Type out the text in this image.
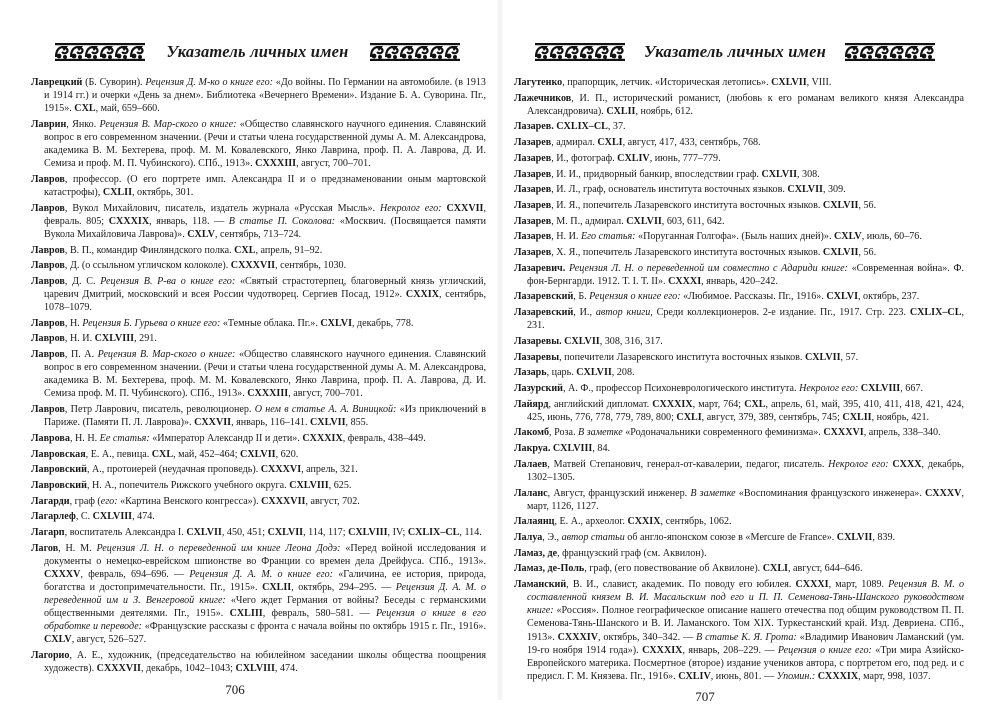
Указатель личных имен
Лаврецкий (Б. Суворин). Рецензия Д. М-ко о книге его: «До войны. По Германии на автомобиле. (в 1913 и 1914 гг.) и очерки «День за днем». Библиотека «Вечернего Времени». Издание Б. А. Суворина. Пг., 1915». CXL, май, 659–660.
Лаврин, Янко. Рецензия В. Мар-ского о книге: «Общество славянского научного единения. Славянский вопрос в его современном значении. (Речи и статьи члена государственной думы А. М. Александрова, академика В. М. Бехтерева, проф. М. М. Ковалевского, Янко Лаврина, проф. П. А. Лаврова, Д. И. Семиза и проф. М. П. Чубинского). СПб., 1913». CXXXIII, август, 700–701.
Лавров, профессор. (О его портрете имп. Александра II и о предзнаменовании оным мартовской катастрофы), CXLII, октябрь, 301.
Лавров, Вукол Михайлович, писатель, издатель журнала «Русская Мысль». Некролог его: CXXVII, февраль. 805; CXXXIX, январь, 118. — В статье П. Соколова: «Москвич. (Посвящается памяти Вукола Михайловича Лаврова)». CXLV, сентябрь, 713–724.
Лавров, В. П., командир Финляндского полка. CXL, апрель, 91–92.
Лавров, Д. (о ссыльном угличском колоколе). CXXXVII, сентябрь, 1030.
Лавров, Д. С. Рецензия В. Р-ва о книге его: «Святый страстотерпец, благоверный князь угличский, царевич Дмитрий, московский и всея России чудотворец. Сергиев Посад, 1912». CXXIX, сентябрь, 1078–1079.
Лавров, Н. Рецензия Б. Гурьева о книге его: «Темные облака. Пг.». CXLVI, декабрь, 778.
Лавров, Н. И. CXLVIII, 291.
Лавров, П. А. Рецензия В. Мар-ского о книге: «Общество славянского научного единения. Славянский вопрос в его современном значении. (Речи и статьи члена государственной думы А. М. Александрова, академика В. М. Бехтерева, проф. М. М. Ковалевского, Янко Лаврина, проф. П. А. Лаврова, Д. И. Семиза проф. М. П. Чубинского). СПб., 1913». CXXXIII, август, 700–701.
Лавров, Петр Лаврович, писатель, революционер. О нем в статье А. А. Виницкой: «Из приключений в Париже. (Памяти П. Л. Лаврова)». CXXVII, январь, 116–141. CXLVII, 855.
Лаврова, Н. Н. Ее статья: «Император Александр II и дети». CXXXIX, февраль, 438–449.
Лавровская, Е. А., певица. CXL, май, 452–464; CXLVII, 620.
Лавровский, А., протоиерей (неудачная проповедь). CXXXVI, апрель, 321.
Лавровский, Н. А., попечитель Рижского учебного округа. CXLVIII, 625.
Лагарди, граф (его: «Картина Венского конгресса»). CXXXVII, август, 702.
Лагарлеф, С. CXLVIII, 474.
Лагарп, воспитатель Александра I. CXLVII, 450, 451; CXLVII, 114, 117; CXLVIII, IV; CXLIX–CL, 114.
Лагов, Н. М. Рецензия Л. Н. о переведенной им книге Леона Додэ: «Перед войной исследования и документы о немецко-еврейском шпионстве во Франции со времен дела Дрейфуса. СПб., 1913». CXXXV, февраль, 694–696. — Рецензия Д. А. М. о книге его: «Галичина, ее история, природа, богатства и достопримечательности. Пг., 1915». CXLII, октябрь, 294–295. — Рецензия Д. А. М. о переведенной им и З. Венгеровой книге: «Чего ждет Германия от войны? Беседы с германскими общественными деятелями. Пг., 1915». CXLIII, февраль, 580–581. — Рецензия о книге в его обработке и переводе: «Французские рассказы с фронта с начала войны по октябрь 1915 г. Пг., 1916». CXLV, август, 526–527.
Лагорио, А. Е., художник, (председательство на юбилейном заседании школы общества поощрения художеств). CXXXVII, декабрь, 1042–1043; CXLVIII, 474.
706
Указатель личных имен
Лагутенко, прапорщик, летчик. «Историческая летопись». CXLVII, VIII.
Лажечников, И. П., исторический романист, (любовь к его романам великого князя Александра Александровича). CXLII, ноябрь, 612.
Лазарев. CXLIX–CL, 37.
Лазарев, адмирал. CXLI, август, 417, 433, сентябрь, 768.
Лазарев, И., фотограф. CXLIV, июнь, 777–779.
Лазарев, И. И., придворный банкир, впоследствии граф. CXLVII, 308.
Лазарев, И. Л., граф, основатель института восточных языков. CXLVII, 309.
Лазарев, И. Я., попечитель Лазаревского института восточных языков. CXLVII, 56.
Лазарев, М. П., адмирал. CXLVII, 603, 611, 642.
Лазарев, Н. И. Его статья: «Поруганная Голгофа». (Быль наших дней)». CXLV, июль, 60–76.
Лазарев, Х. Я., попечитель Лазаревского института восточных языков. CXLVII, 56.
Лазаревич. Рецензия Л. Н. о переведенной им совместно с Адариди книге: «Современная война». Ф. фон-Бернгарди. 1912. Т. I. Т. II». CXXXI, январь, 420–242.
Лазаревский, Б. Рецензия о книге его: «Любимое. Рассказы. Пг., 1916». CXLVI, октябрь, 237.
Лазаревский, И., автор книги, Среди коллекционеров. 2-е издание. Пг., 1917. Стр. 223. CXLIX–CL, 231.
Лазаревы. CXLVII, 308, 316, 317.
Лазаревы, попечители Лазаревского института восточных языков. CXLVII, 57.
Лазарь, царь. CXLVII, 208.
Лазурский, А. Ф., профессор Психоневрологического института. Некролог его: CXLVIII, 667.
Лайярд, английский дипломат. CXXXIX, март, 764; CXL, апрель, 61, май, 395, 410, 411, 418, 421, 424, 425, июнь, 776, 778, 779, 789, 800; CXLI, август, 379, 389, сентябрь, 745; CXLII, ноябрь, 421.
Лакомб, Роза. В заметке «Родоначальники современного феминизма». CXXXVI, апрель, 338–340.
Лакруа. CXLVIII, 84.
Лалаев, Матвей Степанович, генерал-от-кавалерии, педагог, писатель. Некролог его: CXXX, декабрь, 1302–1305.
Лаланс, Август, французский инженер. В заметке «Воспоминания французского инженера». CXXXV, март, 1126, 1127.
Лалаянц, Е. А., археолог. CXXIX, сентябрь, 1062.
Лалуа, Э., автор статьи об англо-японском союзе в «Mercure de France». CXLVII, 839.
Ламаз, де, французский граф (см. Аквилон).
Ламаз, де-Поль, граф, (его повествование об Аквилоне). CXLI, август, 644–646.
Ламанский, В. И., славист, академик. По поводу его юбилея. CXXXI, март, 1089. Рецензия В. М. о составленной князем В. И. Масальским под его и П. П. Семенова-Тянь-Шанского руководством книге: «Россия». Полное географическое описание нашего отечества под общим руководством П. П. Семенова-Тянь-Шанского и В. И. Ламанского. Том XIX. Туркестанский край. Изд. Девриена. СПб., 1913». CXXXIV, октябрь, 340–342. — В статье К. Я. Грота: «Владимир Иванович Ламанский (ум. 19-го ноября 1914 года»). CXXXIX, январь, 208–229. — Рецензия о книге его: «Три мира Азийско-Европейского материка. Посмертное (второе) издание учеников автора, с портретом его, под ред. и с предисл. Г. М. Князева. Пг., 1916». CXLIV, июнь, 801. — Упомин.: CXXXIX, март, 998, 1037.
707
